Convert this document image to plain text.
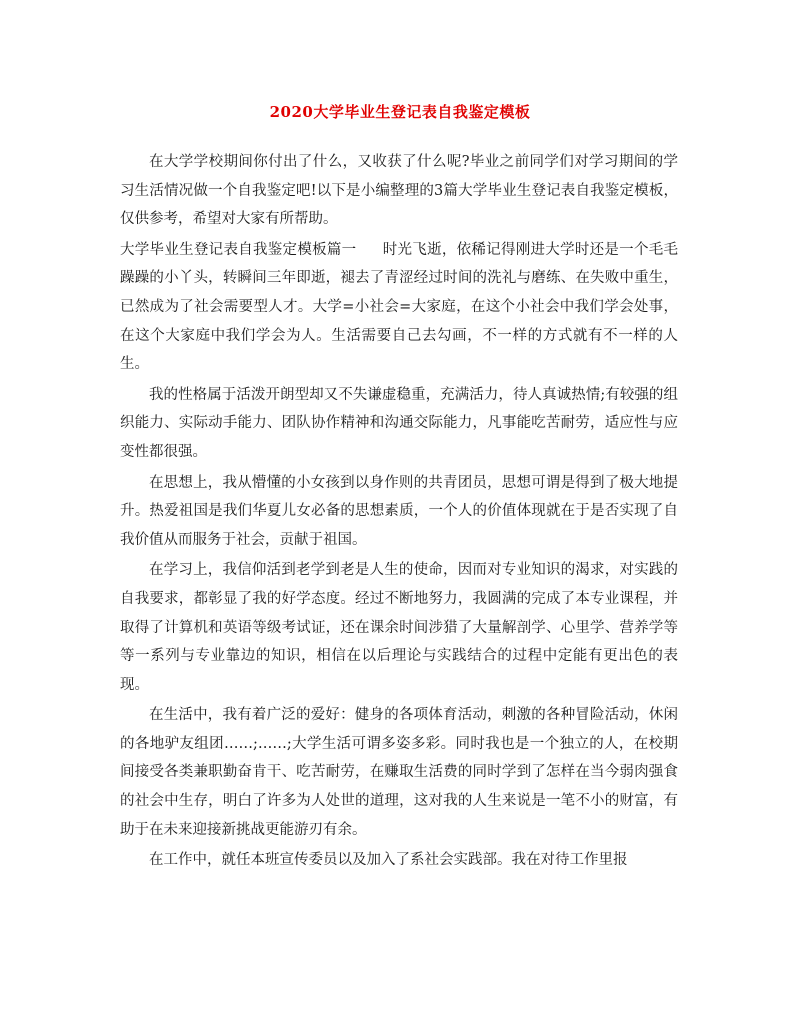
2020大学毕业生登记表自我鉴定模板

在大学学校期间你付出了什么，又收获了什么呢?毕业之前同学们对学习期间的学习生活情况做一个自我鉴定吧!以下是小编整理的3篇大学毕业生登记表自我鉴定模板，仅供参考，希望对大家有所帮助。

大学毕业生登记表自我鉴定模板篇一 时光飞逝，依稀记得刚进大学时还是一个毛毛躁躁的小丫头，转瞬间三年即逝，褪去了青涩经过时间的洗礼与磨练、在失败中重生，已然成为了社会需要型人才。大学=小社会=大家庭，在这个小社会中我们学会处事，在这个大家庭中我们学会为人。生活需要自己去勾画，不一样的方式就有不一样的人生。

我的性格属于活泼开朗型却又不失谦虚稳重，充满活力，待人真诚热情;有较强的组织能力、实际动手能力、团队协作精神和沟通交际能力，凡事能吃苦耐劳，适应性与应变性都很强。

在思想上，我从懵懂的小女孩到以身作则的共青团员，思想可谓是得到了极大地提升。热爱祖国是我们华夏儿女必备的思想素质，一个人的价值体现就在于是否实现了自我价值从而服务于社会，贡献于祖国。

在学习上，我信仰活到老学到老是人生的使命，因而对专业知识的渴求，对实践的自我要求，都彰显了我的好学态度。经过不断地努力，我圆满的完成了本专业课程，并取得了计算机和英语等级考试证，还在课余时间涉猎了大量解剖学、心里学、营养学等等一系列与专业靠边的知识，相信在以后理论与实践结合的过程中定能有更出色的表现。

在生活中，我有着广泛的爱好：健身的各项体育活动，刺激的各种冒险活动，休闲的各地驴友组团……;……;大学生活可谓多姿多彩。同时我也是一个独立的人，在校期间接受各类兼职勤奋肯干、吃苦耐劳，在赚取生活费的同时学到了怎样在当今弱肉强食的社会中生存，明白了许多为人处世的道理，这对我的人生来说是一笔不小的财富，有助于在未来迎接新挑战更能游刃有余。

在工作中，就任本班宣传委员以及加入了系社会实践部。我在对待工作里报
